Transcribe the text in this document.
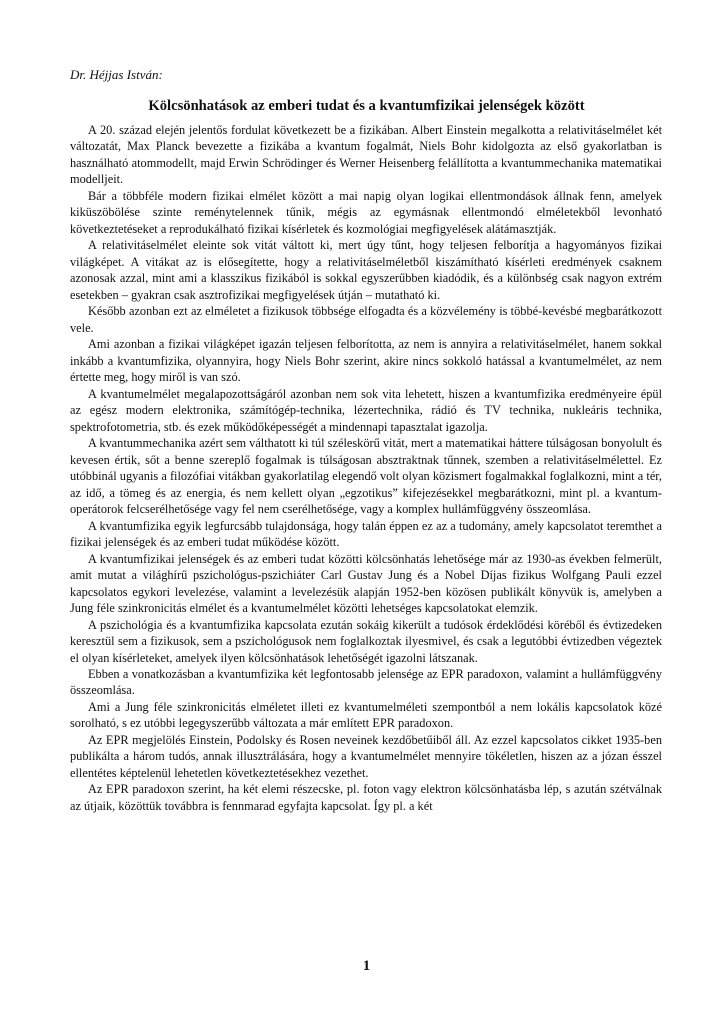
Dr. Héjjas István:
Kölcsönhatások az emberi tudat és a kvantumfizikai jelenségek között

A 20. század elején jelentős fordulat következett be a fizikában. Albert Einstein megalkotta a relativitáselmélet két változatát, Max Planck bevezette a fizikába a kvantum fogalmát, Niels Bohr kidolgozta az első gyakorlatban is használható atommodellt, majd Erwin Schrödinger és Werner Heisenberg felállította a kvantummechanika matematikai modelljeit.

Bár a többféle modern fizikai elmélet között a mai napig olyan logikai ellentmondások állnak fenn, amelyek kiküszöbölése szinte reménytelennek tűnik, mégis az egymásnak ellentmondó elméletekből levonható következtetéseket a reprodukálható fizikai kísérletek és kozmológiai megfigyelések alátámasztják.

A relativitáselmélet eleinte sok vitát váltott ki, mert úgy tűnt, hogy teljesen felborítja a hagyományos fizikai világképet. A vitákat az is elősegítette, hogy a relativitáselméletből kiszámítható kísérleti eredmények csaknem azonosak azzal, mint ami a klasszikus fizikából is sokkal egyszerűbben kiadódik, és a különbség csak nagyon extrém esetekben – gyakran csak asztrofizikai megfigyelések útján – mutatható ki.

Később azonban ezt az elméletet a fizikusok többsége elfogadta és a közvélemény is többé-kevésbé megbarátkozott vele.

Ami azonban a fizikai világképet igazán teljesen felborította, az nem is annyira a relativitáselmélet, hanem sokkal inkább a kvantumfizika, olyannyira, hogy Niels Bohr szerint, akire nincs sokkoló hatással a kvantumelmélet, az nem értette meg, hogy miről is van szó.

A kvantumelmélet megalapozottságáról azonban nem sok vita lehetett, hiszen a kvantumfizika eredményeire épül az egész modern elektronika, számítógép-technika, lézertechnika, rádió és TV technika, nukleáris technika, spektrofotometria, stb. és ezek működőképességét a mindennapi tapasztalat igazolja.

A kvantummechanika azért sem válthatott ki túl széleskörű vitát, mert a matematikai háttere túlságosan bonyolult és kevesen értik, sőt a benne szereplő fogalmak is túlságosan absztraktnak tűnnek, szemben a relativitáselmélettel. Ez utóbbinál ugyanis a filozófiai vitákban gyakorlatilag elegendő volt olyan közismert fogalmakkal foglalkozni, mint a tér, az idő, a tömeg és az energia, és nem kellett olyan „egzotikus” kifejezésekkel megbarátkozni, mint pl. a kvantum-operátorok felcserélhetősége vagy fel nem cserélhetősége, vagy a komplex hullámfüggvény összeomlása.

A kvantumfizika egyik legfurcsább tulajdonsága, hogy talán éppen ez az a tudomány, amely kapcsolatot teremthet a fizikai jelenségek és az emberi tudat működése között.

A kvantumfizikai jelenségek és az emberi tudat közötti kölcsönhatás lehetősége már az 1930-as években felmerült, amit mutat a világhírű pszichológus-pszichiáter Carl Gustav Jung és a Nobel Díjas fizikus Wolfgang Pauli ezzel kapcsolatos egykori levelezése, valamint a levelezésük alapján 1952-ben közösen publikált könyvük is, amelyben a Jung féle szinkronicitás elmélet és a kvantumelmélet közötti lehetséges kapcsolatokat elemzik.

A pszichológia és a kvantumfizika kapcsolata ezután sokáig kikerült a tudósok érdeklődési köréből és évtizedeken keresztül sem a fizikusok, sem a pszichológusok nem foglalkoztak ilyesmivel, és csak a legutóbbi évtizedben végeztek el olyan kísérleteket, amelyek ilyen kölcsönhatások lehetőségét igazolni látszanak.

Ebben a vonatkozásban a kvantumfizika két legfontosabb jelensége az EPR paradoxon, valamint a hullámfüggvény összeomlása.

Ami a Jung féle szinkronicitás elméletet illeti ez kvantumelméleti szempontból a nem lokális kapcsolatok közé sorolható, s ez utóbbi legegyszerűbb változata a már említett EPR paradoxon.

Az EPR megjelölés Einstein, Podolsky és Rosen neveinek kezdőbetűiből áll. Az ezzel kapcsolatos cikket 1935-ben publikálta a három tudós, annak illusztrálására, hogy a kvantumelmélet mennyire tökéletlen, hiszen az a józan ésszel ellentétes képtelenül lehetetlen következtetésekhez vezethet.

Az EPR paradoxon szerint, ha két elemi részecske, pl. foton vagy elektron kölcsönhatásba lép, s azután szétválnak az útjaik, közöttük továbbra is fennmarad egyfajta kapcsolat. Így pl. a két

1
